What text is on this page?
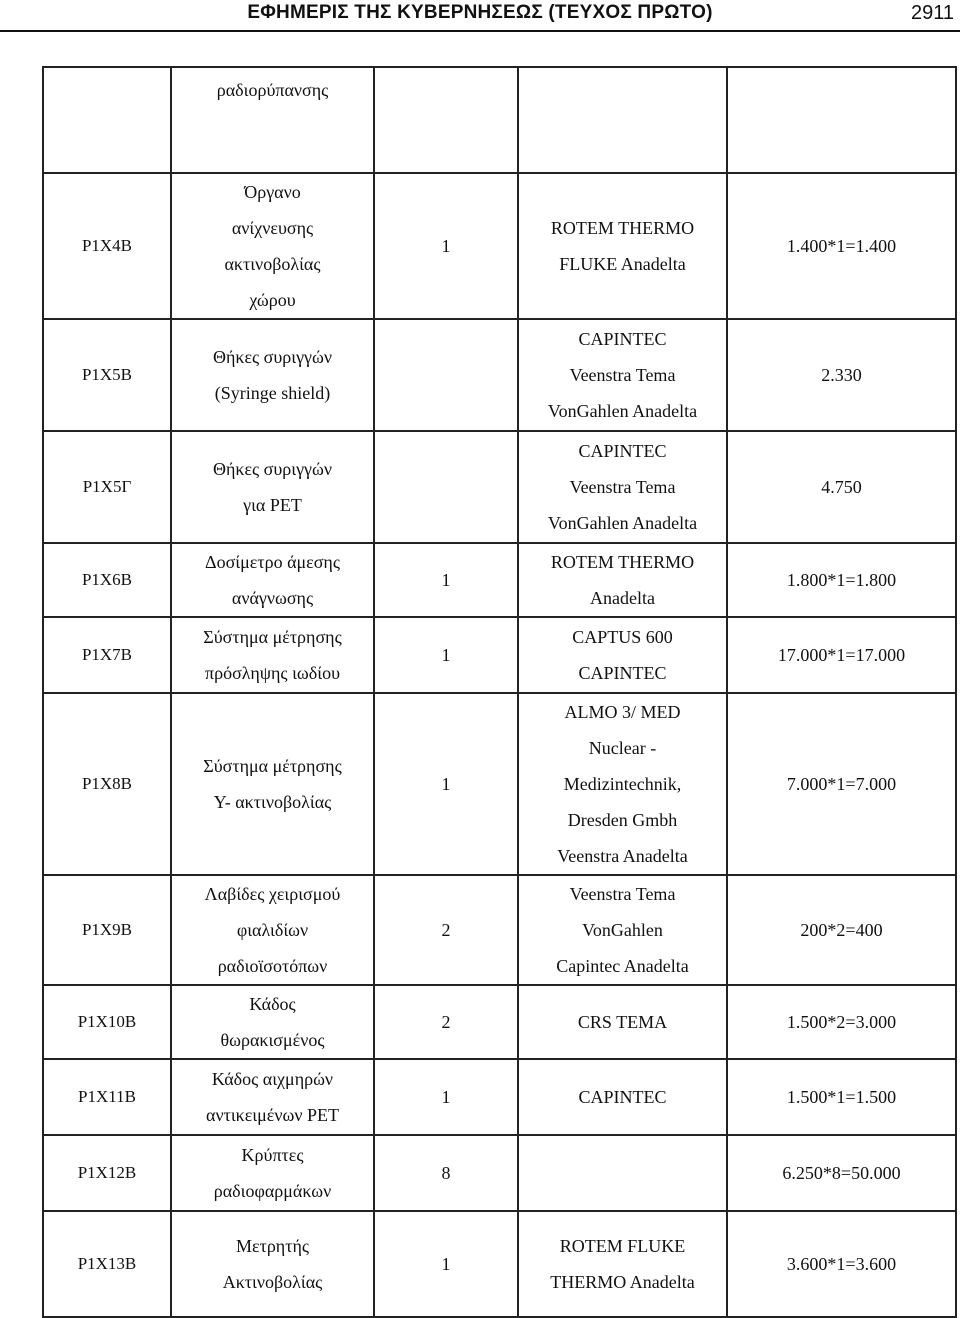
ΕΦΗΜΕΡΙΣ ΤΗΣ ΚΥΒΕΡΝΗΣΕΩΣ (ΤΕΥΧΟΣ ΠΡΩΤΟ)	2911

	ραδιορύπανσης			

P1X4B	Όργανο
ανίχνευσης
ακτινοβολίας
χώρου	1	ROTEM THERMO
FLUKE Anadelta	1.400*1=1.400

P1X5B	Θήκες συριγγών
(Syringe shield)		CAPINTEC
Veenstra Tema
VonGahlen Anadelta	2.330

P1X5Γ	Θήκες συριγγών
για PET		CAPINTEC
Veenstra Tema
VonGahlen Anadelta	4.750

P1X6B	Δοσίμετρο άμεσης
ανάγνωσης	1	ROTEM THERMO
Anadelta	1.800*1=1.800

P1X7B	Σύστημα μέτρησης
πρόσληψης ιωδίου	1	CAPTUS 600
CAPINTEC	17.000*1=17.000

P1X8B	Σύστημα μέτρησης
Υ- ακτινοβολίας	1	ALMO 3/ MED
Nuclear -
Medizintechnik,
Dresden Gmbh
Veenstra Anadelta	7.000*1=7.000

P1X9B	Λαβίδες χειρισμού
φιαλιδίων
ραδιοϊσοτόπων	2	Veenstra Tema
VonGahlen
Capintec Anadelta	200*2=400

P1X10B	Κάδος
θωρακισμένος	2	CRS TEMA	1.500*2=3.000

P1X11B	Κάδος αιχμηρών
αντικειμένων PET	1	CAPINTEC	1.500*1=1.500

P1X12B	Κρύπτες
ραδιοφαρμάκων	8		6.250*8=50.000

P1X13B	Μετρητής
Ακτινοβολίας	1	ROTEM FLUKE
THERMO Anadelta	3.600*1=3.600
